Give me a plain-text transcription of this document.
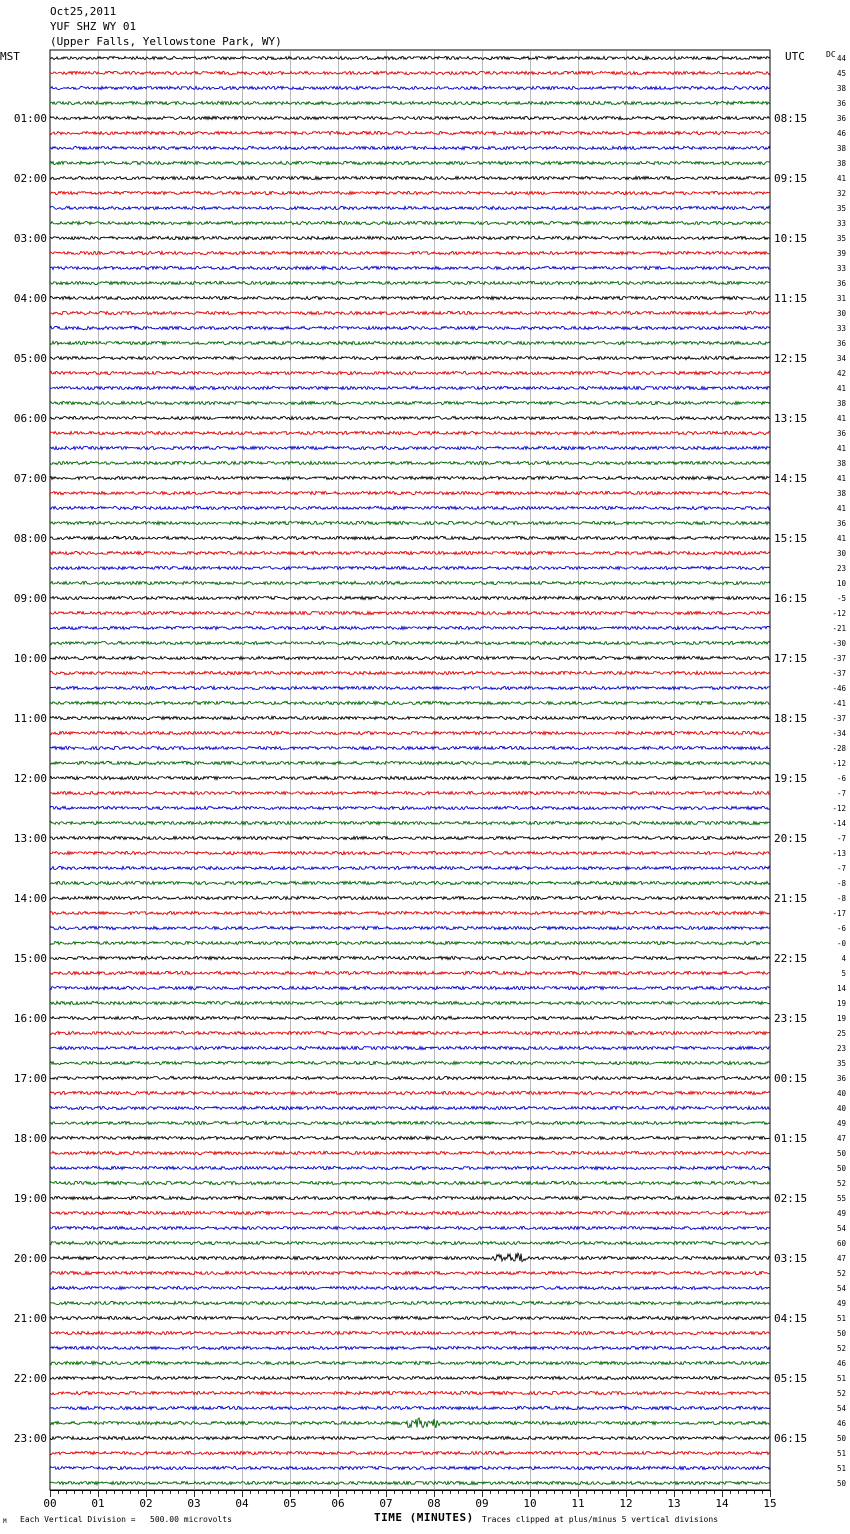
Oct25,2011
YUF SHZ WY 01
(Upper Falls, Yellowstone Park, WY)
MST	UTC	DC
01:00
02:00
03:00
04:00
05:00
06:00
07:00
08:00
09:00
10:00
11:00
12:00
13:00
14:00
15:00
16:00
17:00
18:00
19:00
20:00
21:00
22:00
23:00
08:15
09:15
10:15
11:15
12:15
13:15
14:15
15:15
16:15
17:15
18:15
19:15
20:15
21:15
22:15
23:15
00:15
01:15
02:15
03:15
04:15
05:15
06:15
44
45
38
36
36
46
38
38
41
32
35
33
35
39
33
36
31
30
33
36
34
42
41
38
41
36
41
38
41
38
41
36
41
30
23
10
-5
-12
-21
-30
-37
-37
-46
-41
-37
-34
-28
-12
-6
-7
-12
-14
-7
-13
-7
-8
-8
-17
-6
-0
4
5
14
19
19
25
23
35
36
40
40
49
47
50
50
52
55
49
54
60
47
52
54
49
51
50
52
46
51
52
54
46
50
51
51
50
00	01	02	03	04	05	06	07	08	09	10	11	12	13	14	15
M Each Vertical Division =   500.00 microvolts	TIME (MINUTES) Traces clipped at plus/minus 5 vertical divisions
